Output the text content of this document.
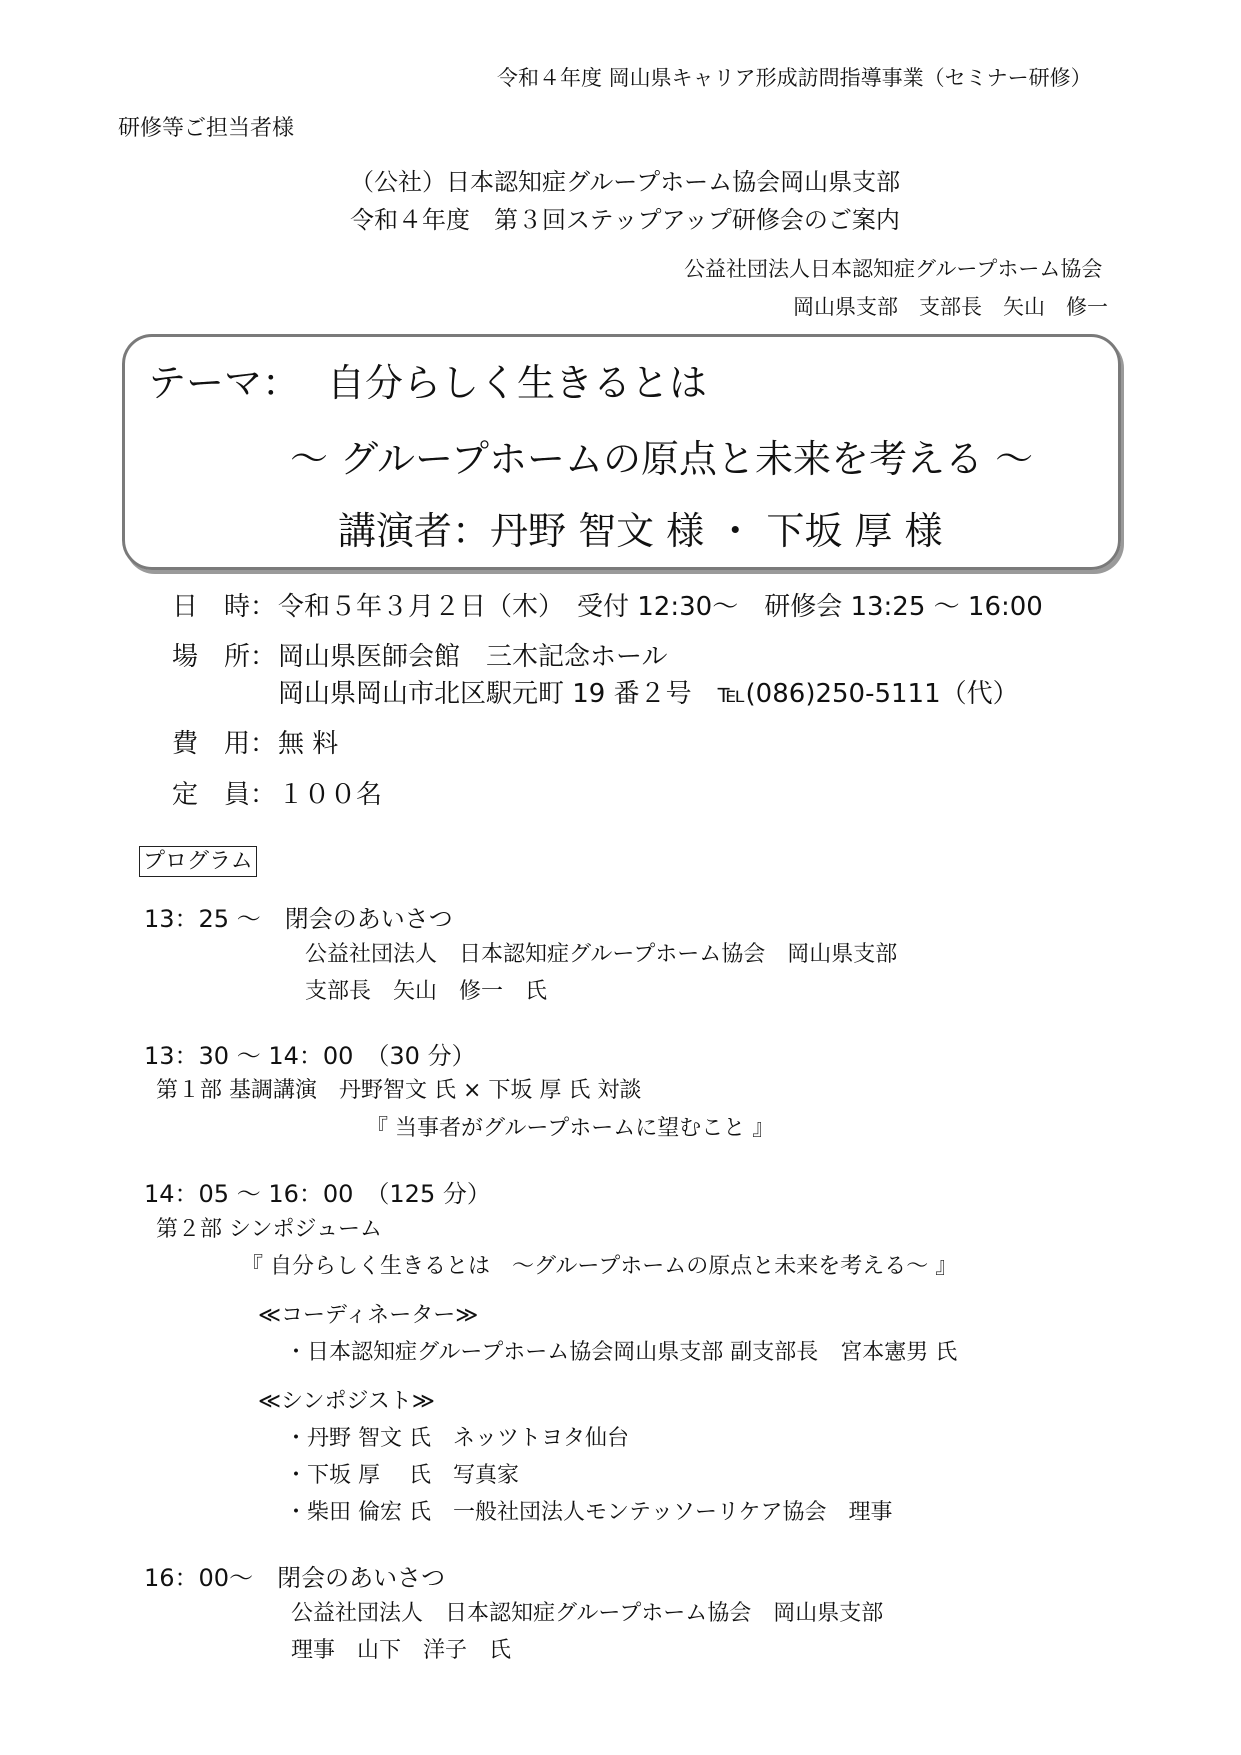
令和４年度 岡山県キャリア形成訪問指導事業（セミナー研修）
研修等ご担当者様
（公社）日本認知症グループホーム協会岡山県支部
令和４年度　第３回ステップアップ研修会のご案内
公益社団法人日本認知症グループホーム協会
岡山県支部　支部長　矢山　修一
テーマ： 自分らしく生きるとは
～ グループホームの原点と未来を考える ～
講演者：丹野 智文 様 ・ 下坂 厚 様
日　時： 令和５年３月２日（木）　受付 12:30～　研修会 13:25 ～ 16:00
場　所： 岡山県医師会館　三木記念ホール
岡山県岡山市北区駅元町 19 番２号　℡(086)250-5111（代）
費　用： 無 料
定　員： １００名
プログラム
13：25 ～　閉会のあいさつ
公益社団法人　日本認知症グループホーム協会　岡山県支部
支部長　矢山　修一　氏
13：30 ～ 14：00　（30 分）
第１部 基調講演　丹野智文 氏 × 下坂 厚 氏 対談
『 当事者がグループホームに望むこと 』
14：05 ～ 16：00　（125 分）
第２部 シンポジューム
『 自分らしく生きるとは　～グループホームの原点と未来を考える～ 』
≪コーディネーター≫
・日本認知症グループホーム協会岡山県支部 副支部長　宮本憲男 氏
≪シンポジスト≫
・丹野 智文 氏　ネッツトヨタ仙台
・下坂 厚　 氏　写真家
・柴田 倫宏 氏　一般社団法人モンテッソーリケア協会　理事
16：00～　閉会のあいさつ
公益社団法人　日本認知症グループホーム協会　岡山県支部
理事　山下　洋子　氏
